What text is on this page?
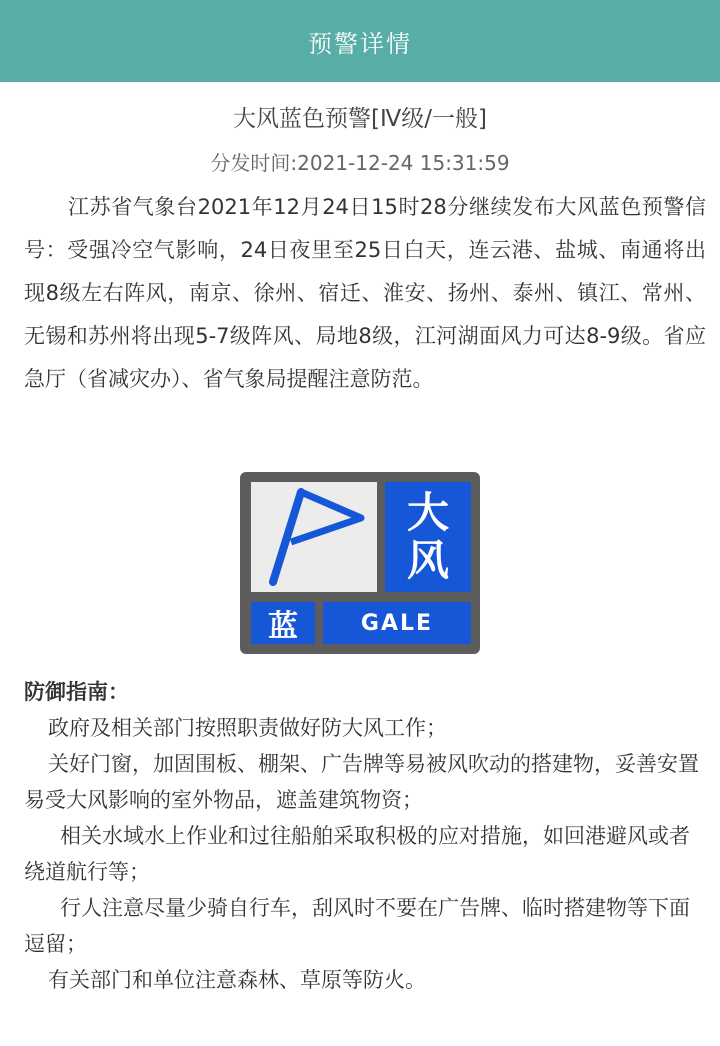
预警详情
大风蓝色预警[Ⅳ级/一般]
分发时间:2021-12-24 15:31:59
江苏省气象台2021年12月24日15时28分继续发布大风蓝色预警信号：受强冷空气影响，24日夜里至25日白天，连云港、盐城、南通将出现8级左右阵风，南京、徐州、宿迁、淮安、扬州、泰州、镇江、常州、无锡和苏州将出现5-7级阵风、局地8级，江河湖面风力可达8-9级。省应急厅（省减灾办）、省气象局提醒注意防范。
大
风
蓝	GALE
防御指南：

政府及相关部门按照职责做好防大风工作；

关好门窗，加固围板、棚架、广告牌等易被风吹动的搭建物，妥善安置易受大风影响的室外物品，遮盖建筑物资；

相关水域水上作业和过往船舶采取积极的应对措施，如回港避风或者绕道航行等；

行人注意尽量少骑自行车，刮风时不要在广告牌、临时搭建物等下面逗留；

有关部门和单位注意森林、草原等防火。
